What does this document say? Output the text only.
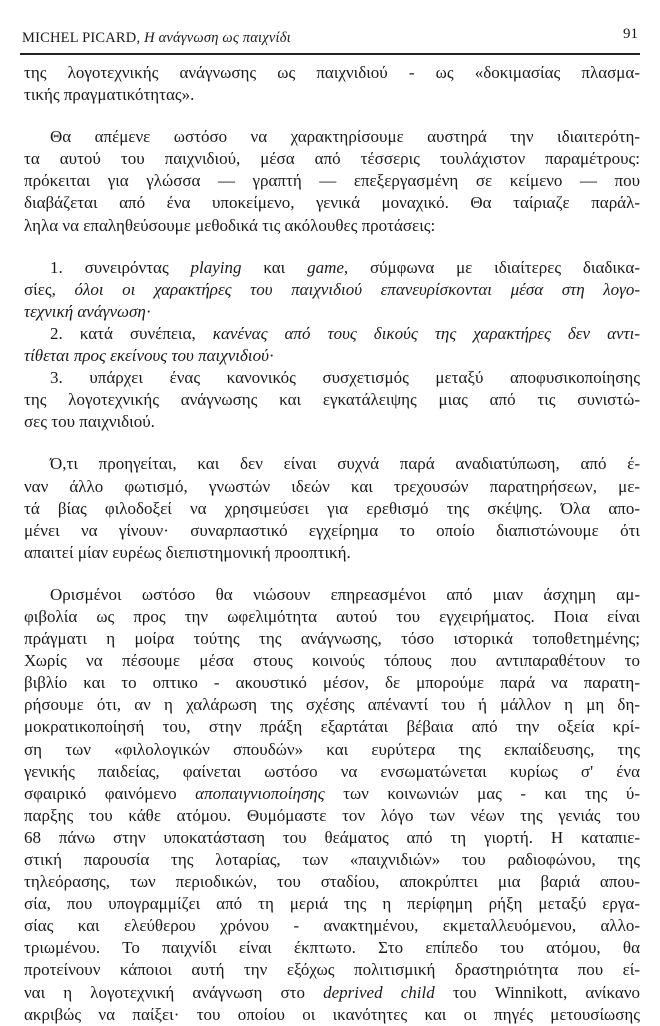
MICHEL PICARD, Η ανάγνωση ως παιχνίδι	91
της λογοτεχνικής ανάγνωσης ως παιχνιδιού - ως «δοκιμασίας πλασμα-
τικής πραγματικότητας».
Θα απέμενε ωστόσο να χαρακτηρίσουμε αυστηρά την ιδιαιτερότη-
τα αυτού του παιχνιδιού, μέσα από τέσσερις τουλάχιστον παραμέτρους:
πρόκειται για γλώσσα — γραπτή — επεξεργασμένη σε κείμενο — που
διαβάζεται από ένα υποκείμενο, γενικά μοναχικό. Θα ταίριαζε παράλ-
ληλα να επαληθεύσουμε μεθοδικά τις ακόλουθες προτάσεις:
1. συνειρόντας playing και game, σύμφωνα με ιδιαίτερες διαδικα-
σίες, όλοι οι χαρακτήρες του παιχνιδιού επανευρίσκονται μέσα στη λογο-
τεχνική ανάγνωση·
2. κατά συνέπεια, κανένας από τους δικούς της χαρακτήρες δεν αντι-
τίθεται προς εκείνους του παιχνιδιού·
3. υπάρχει ένας κανονικός συσχετισμός μεταξύ αποφυσικοποίησης
της λογοτεχνικής ανάγνωσης και εγκατάλειψης μιας από τις συνιστώ-
σες του παιχνιδιού.
Ό,τι προηγείται, και δεν είναι συχνά παρά αναδιατύπωση, από έ-
ναν άλλο φωτισμό, γνωστών ιδεών και τρεχουσών παρατηρήσεων, με-
τά βίας φιλοδοξεί να χρησιμεύσει για ερεθισμό της σκέψης. Όλα απο-
μένει να γίνουν· συναρπαστικό εγχείρημα το οποίο διαπιστώνουμε ότι
απαιτεί μίαν ευρέως διεπιστημονική προοπτική.
Ορισμένοι ωστόσο θα νιώσουν επηρεασμένοι από μιαν άσχημη αμ-
φιβολία ως προς την ωφελιμότητα αυτού του εγχειρήματος. Ποια είναι
πράγματι η μοίρα τούτης της ανάγνωσης, τόσο ιστορικά τοποθετημένης;
Χωρίς να πέσουμε μέσα στους κοινούς τόπους που αντιπαραθέτουν το
βιβλίο και το οπτικο - ακουστικό μέσον, δε μπορούμε παρά να παρατη-
ρήσουμε ότι, αν η χαλάρωση της σχέσης απέναντί του ή μάλλον η μη δη-
μοκρατικοποίησή του, στην πράξη εξαρτάται βέβαια από την οξεία κρί-
ση των «φιλολογικών σπουδών» και ευρύτερα της εκπαίδευσης, της
γενικής παιδείας, φαίνεται ωστόσο να ενσωματώνεται κυρίως σ' ένα
σφαιρικό φαινόμενο αποπαιγνιοποίησης των κοινωνιών μας - και της ύ-
παρξης του κάθε ατόμου. Θυμόμαστε τον λόγο των νέων της γενιάς του
68 πάνω στην υποκατάσταση του θεάματος από τη γιορτή. Η καταπιε-
στική παρουσία της λοταρίας, των «παιχνιδιών» του ραδιοφώνου, της
τηλεόρασης, των περιοδικών, του σταδίου, αποκρύπτει μια βαριά απου-
σία, που υπογραμμίζει από τη μεριά της η περίφημη ρήξη μεταξύ εργα-
σίας και ελεύθερου χρόνου - ανακτημένου, εκμεταλλευόμενου, αλλο-
τριωμένου. Το παιχνίδι είναι έκπτωτο. Στο επίπεδο του ατόμου, θα
προτείνουν κάποιοι αυτή την εξόχως πολιτισμική δραστηριότητα που εί-
ναι η λογοτεχνική ανάγνωση στο deprived child του Winnikott, ανίκανο
ακριβώς να παίξει· του οποίου οι ικανότητες και οι πηγές μετουσίωσης
